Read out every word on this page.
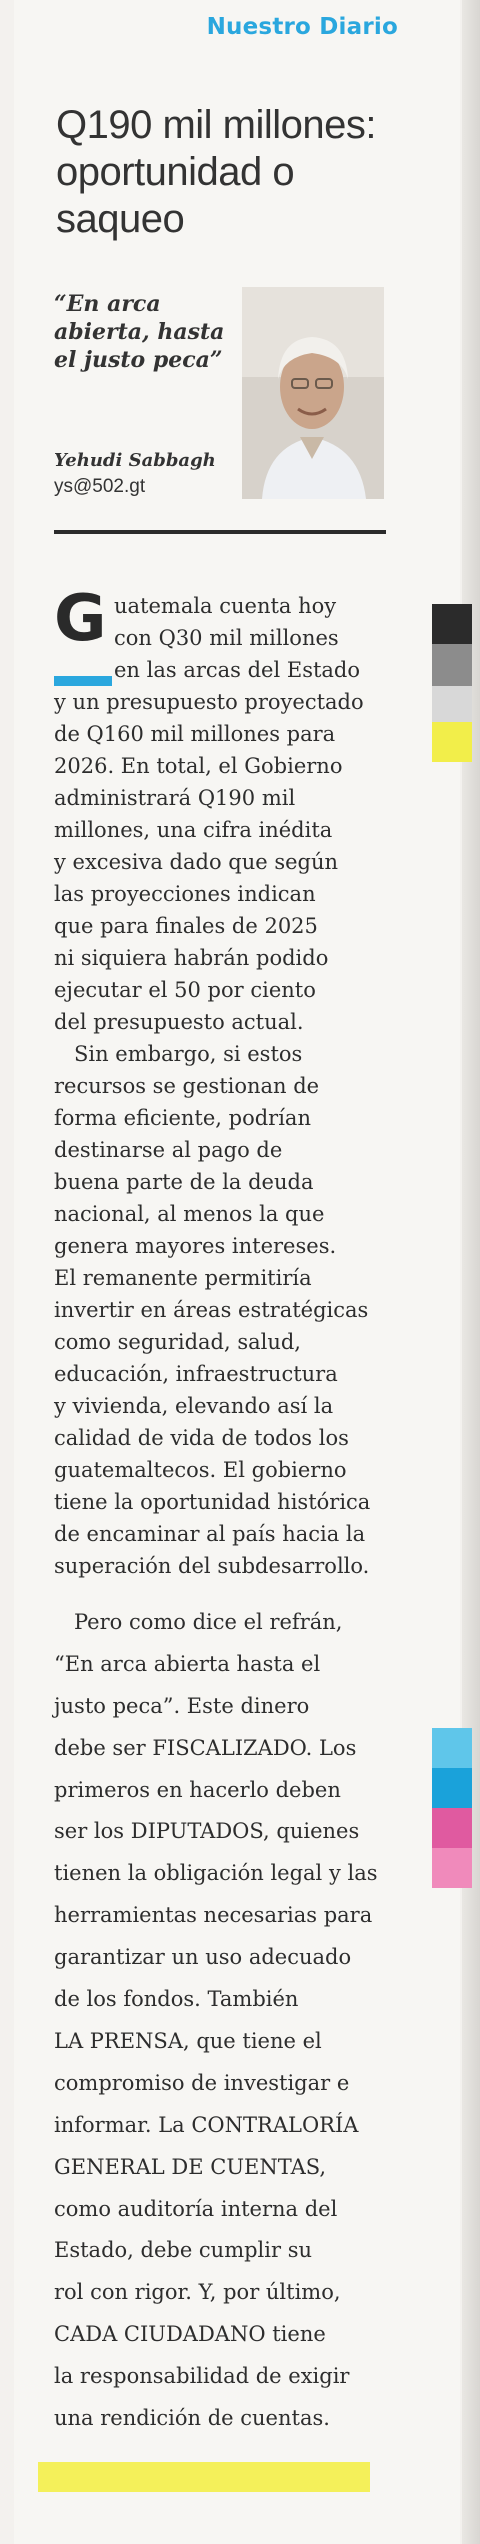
Nuestro Diario
Q190 mil millones: oportunidad o saqueo
“En arca abierta, hasta el justo peca”
Yehudi Sabbagh
ys@502.gt
G uatemala cuenta hoy
con Q30 mil millones
en las arcas del Estado
y un presupuesto proyectado
de Q160 mil millones para
2026. En total, el Gobierno
administrará Q190 mil
millones, una cifra inédita
y excesiva dado que según
las proyecciones indican
que para finales de 2025
ni siquiera habrán podido
ejecutar el 50 por ciento
del presupuesto actual.
Sin embargo, si estos
recursos se gestionan de
forma eficiente, podrían
destinarse al pago de
buena parte de la deuda
nacional, al menos la que
genera mayores intereses.
El remanente permitiría
invertir en áreas estratégicas
como seguridad, salud,
educación, infraestructura
y vivienda, elevando así la
calidad de vida de todos los
guatemaltecos. El gobierno
tiene la oportunidad histórica
de encaminar al país hacia la
superación del subdesarrollo.
Pero como dice el refrán,
“En arca abierta hasta el
justo peca”. Este dinero
debe ser FISCALIZADO. Los
primeros en hacerlo deben
ser los DIPUTADOS, quienes
tienen la obligación legal y las
herramientas necesarias para
garantizar un uso adecuado
de los fondos. También
LA PRENSA, que tiene el
compromiso de investigar e
informar. La CONTRALORÍA
GENERAL DE CUENTAS,
como auditoría interna del
Estado, debe cumplir su
rol con rigor. Y, por último,
CADA CIUDADANO tiene
la responsabilidad de exigir
una rendición de cuentas.
